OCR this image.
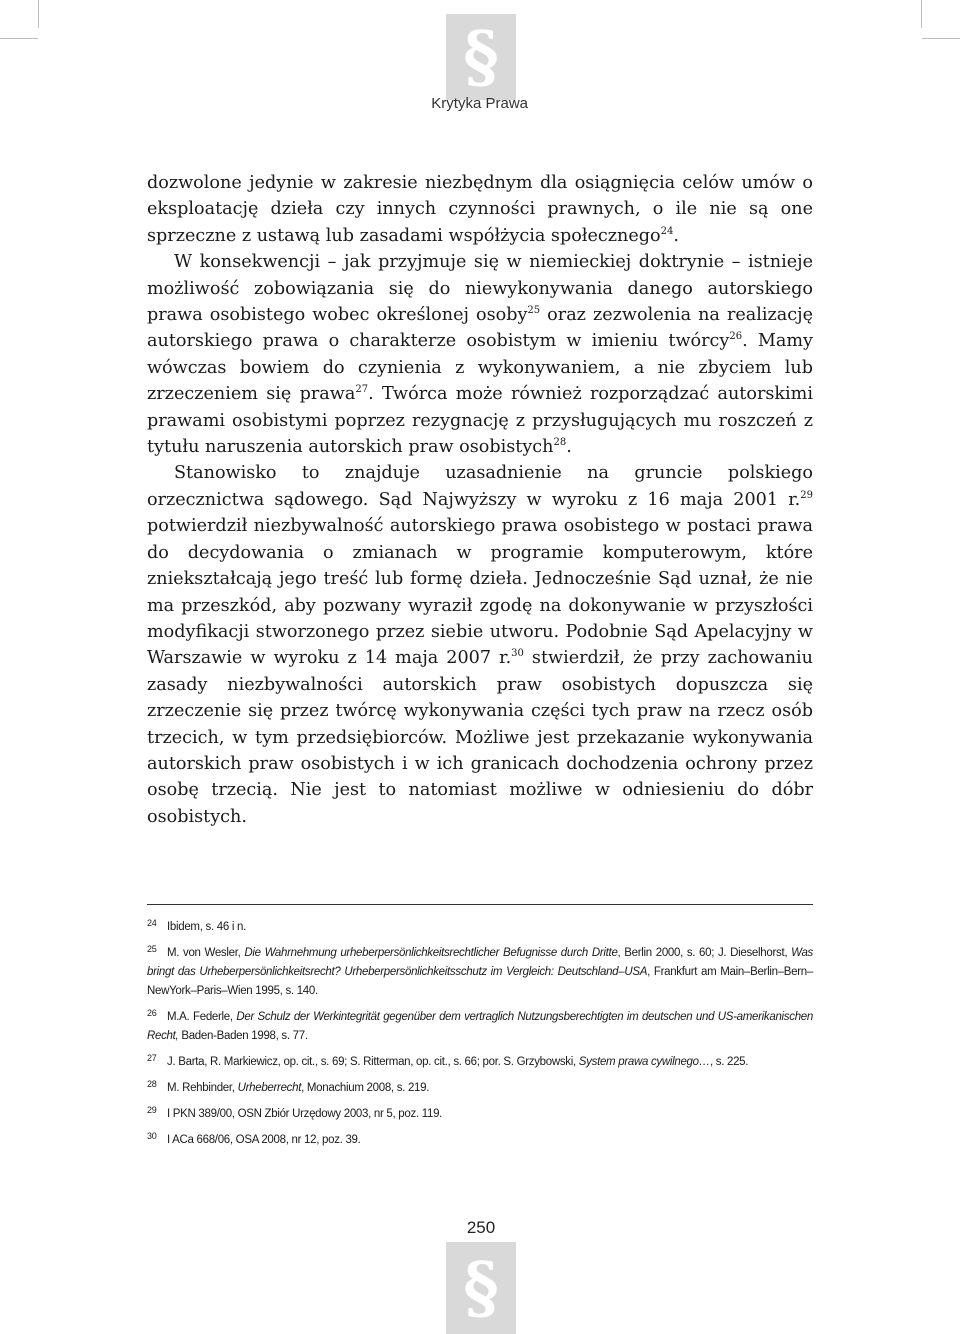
§
Krytyka Prawa

dozwolone jedynie w zakresie niezbędnym dla osiągnięcia celów umów o eksploatację dzieła czy innych czynności prawnych, o ile nie są one sprzeczne z ustawą lub zasadami współżycia społecznego$^{24}$.

W konsekwencji – jak przyjmuje się w niemieckiej doktrynie – istnieje możliwość zobowiązania się do niewykonywania danego autorskiego prawa osobistego wobec określonej osoby$^{25}$ oraz zezwolenia na realizację autorskiego prawa o charakterze osobistym w imieniu twórcy$^{26}$. Mamy wówczas bowiem do czynienia z wykonywaniem, a nie zbyciem lub zrzeczeniem się prawa$^{27}$. Twórca może również rozporządzać autorskimi prawami osobistymi poprzez rezygnację z przysługujących mu roszczeń z tytułu naruszenia autorskich praw osobistych$^{28}$.

Stanowisko to znajduje uzasadnienie na gruncie polskiego orzecznictwa sądowego. Sąd Najwyższy w wyroku z 16 maja 2001 r.$^{29}$ potwierdził niezbywalność autorskiego prawa osobistego w postaci prawa do decydowania o zmianach w programie komputerowym, które zniekształcają jego treść lub formę dzieła. Jednocześnie Sąd uznał, że nie ma przeszkód, aby pozwany wyraził zgodę na dokonywanie w przyszłości modyfikacji stworzonego przez siebie utworu. Podobnie Sąd Apelacyjny w Warszawie w wyroku z 14 maja 2007 r.$^{30}$ stwierdził, że przy zachowaniu zasady niezbywalności autorskich praw osobistych dopuszcza się zrzeczenie się przez twórcę wykonywania części tych praw na rzecz osób trzecich, w tym przedsiębiorców. Możliwe jest przekazanie wykonywania autorskich praw osobistych i w ich granicach dochodzenia ochrony przez osobę trzecią. Nie jest to natomiast możliwe w odniesieniu do dóbr osobistych.

24 Ibidem, s. 46 i n.

25 M. von Wesler, Die Wahrnehmung urheberpersönlichkeitsrechtlicher Befugnisse durch Dritte, Berlin 2000, s. 60; J. Dieselhorst, Was bringt das Urheberpersönlichkeitsrecht? Urheberpersönlichkeitsschutz im Vergleich: Deutschland–USA, Frankfurt am Main–Berlin–Bern–NewYork–Paris–Wien 1995, s. 140.

26 M.A. Federle, Der Schulz der Werkintegrität gegenüber dem vertraglich Nutzungsberechtigten im deutschen und US-amerikanischen Recht, Baden-Baden 1998, s. 77.

27 J. Barta, R. Markiewicz, op. cit., s. 69; S. Ritterman, op. cit., s. 66; por. S. Grzybowski, System prawa cywilnego…, s. 225.

28 M. Rehbinder, Urheberrecht, Monachium 2008, s. 219.

29 I PKN 389/00, OSN Zbiór Urzędowy 2003, nr 5, poz. 119.

30 I ACa 668/06, OSA 2008, nr 12, poz. 39.

§
250
